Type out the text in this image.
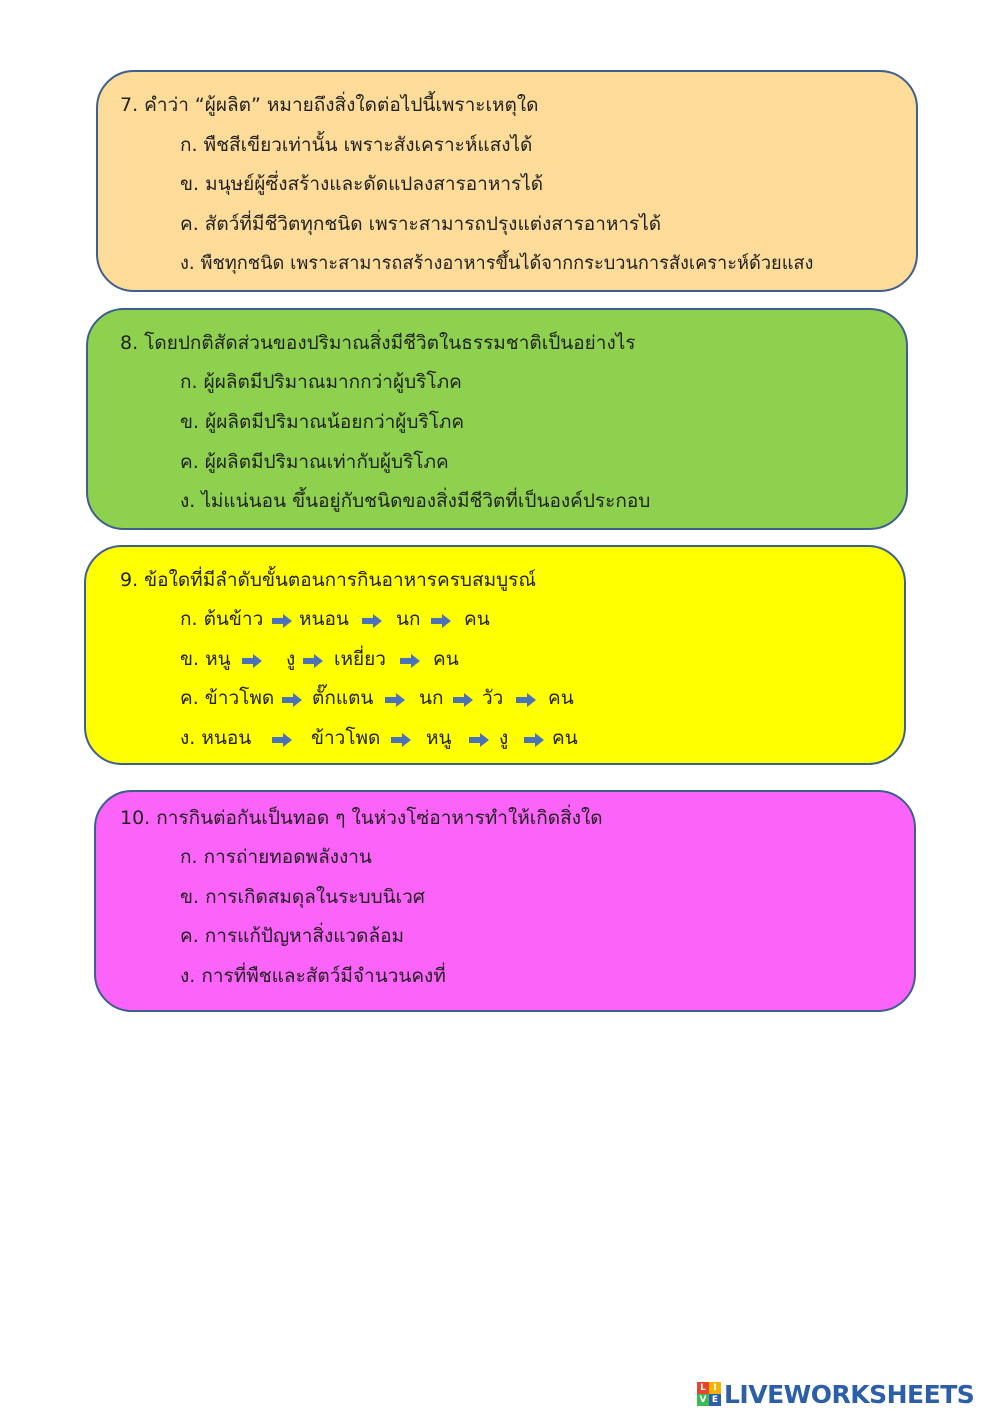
7. คำว่า “ผู้ผลิต” หมายถึงสิ่งใดต่อไปนี้เพราะเหตุใด
ก. พืชสีเขียวเท่านั้น เพราะสังเคราะห์แสงได้
ข. มนุษย์ผู้ซึ่งสร้างและดัดแปลงสารอาหารได้
ค. สัตว์ที่มีชีวิตทุกชนิด เพราะสามารถปรุงแต่งสารอาหารได้
ง. พืชทุกชนิด เพราะสามารถสร้างอาหารขึ้นได้จากกระบวนการสังเคราะห์ด้วยแสง
8. โดยปกติสัดส่วนของปริมาณสิ่งมีชีวิตในธรรมชาติเป็นอย่างไร
ก. ผู้ผลิตมีปริมาณมากกว่าผู้บริโภค
ข. ผู้ผลิตมีปริมาณน้อยกว่าผู้บริโภค
ค. ผู้ผลิตมีปริมาณเท่ากับผู้บริโภค
ง. ไม่แน่นอน ขึ้นอยู่กับชนิดของสิ่งมีชีวิตที่เป็นองค์ประกอบ
9. ข้อใดที่มีลำดับขั้นตอนการกินอาหารครบสมบูรณ์
ก. ต้นข้าว หนอน นก คน
ข. หนู	งู เหยี่ยว คน
ค. ข้าวโพด ตั๊กแตน นก วัว คน
ง. หนอน	ข้าวโพด หนู งู คน
10. การกินต่อกันเป็นทอด ๆ ในห่วงโซ่อาหารทำให้เกิดสิ่งใด
ก. การถ่ายทอดพลังงาน
ข. การเกิดสมดุลในระบบนิเวศ
ค. การแก้ปัญหาสิ่งแวดล้อม
ง. การที่พืชและสัตว์มีจำนวนคงที่
L I
V E LIVEWORKSHEETS
